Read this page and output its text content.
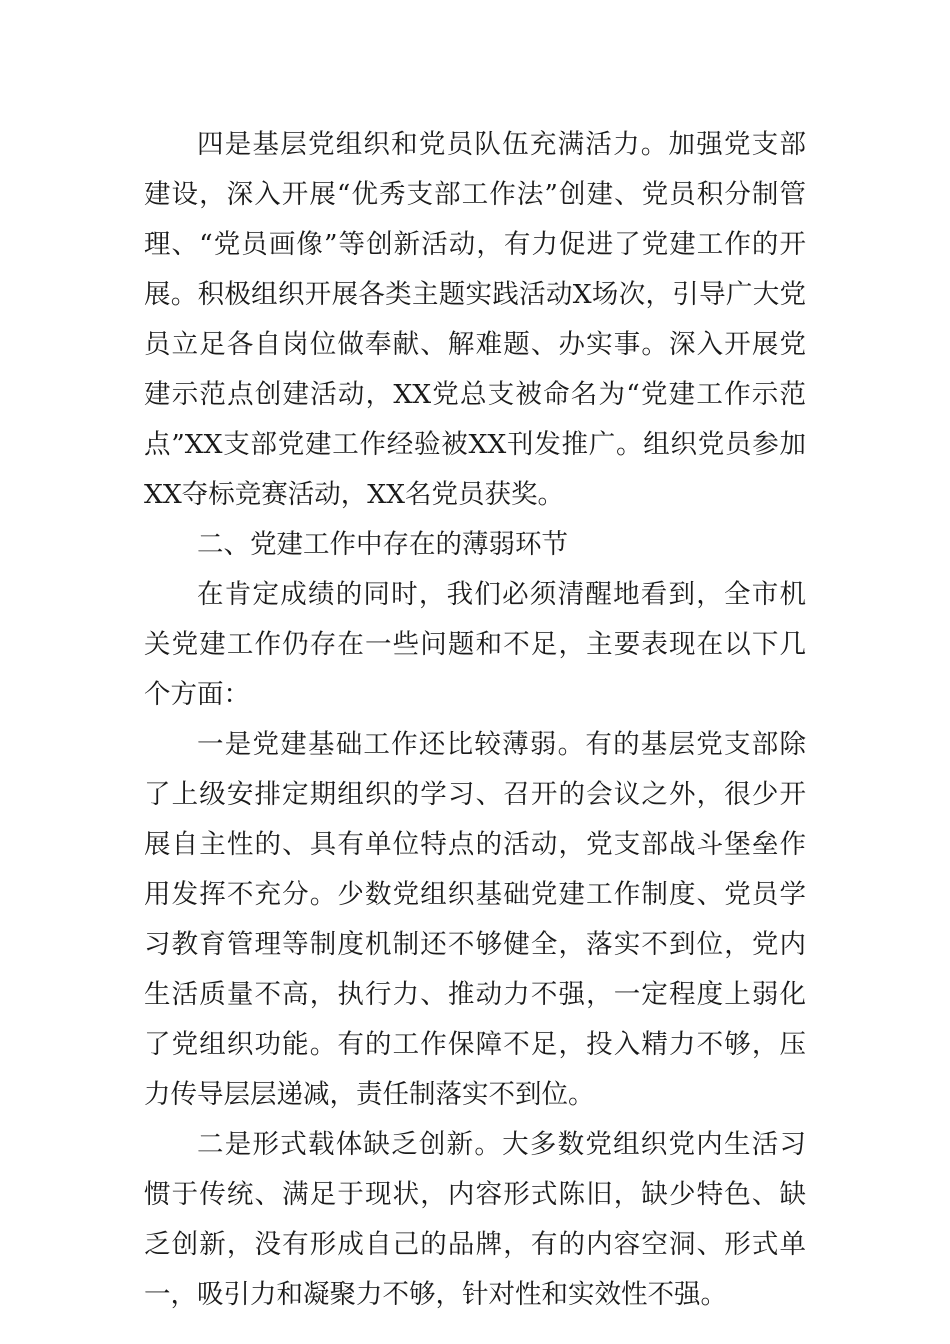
四是基层党组织和党员队伍充满活力。加强党支部建设，深入开展“优秀支部工作法”创建、党员积分制管理、“党员画像”等创新活动，有力促进了党建工作的开展。积极组织开展各类主题实践活动X场次，引导广大党员立足各自岗位做奉献、解难题、办实事。深入开展党建示范点创建活动，XX党总支被命名为“党建工作示范点”XX支部党建工作经验被XX刊发推广。组织党员参加XX夺标竞赛活动，XX名党员获奖。

二、党建工作中存在的薄弱环节

在肯定成绩的同时，我们必须清醒地看到，全市机关党建工作仍存在一些问题和不足，主要表现在以下几个方面：

一是党建基础工作还比较薄弱。有的基层党支部除了上级安排定期组织的学习、召开的会议之外，很少开展自主性的、具有单位特点的活动，党支部战斗堡垒作用发挥不充分。少数党组织基础党建工作制度、党员学习教育管理等制度机制还不够健全，落实不到位，党内生活质量不高，执行力、推动力不强，一定程度上弱化了党组织功能。有的工作保障不足，投入精力不够，压力传导层层递减，责任制落实不到位。

二是形式载体缺乏创新。大多数党组织党内生活习惯于传统、满足于现状，内容形式陈旧，缺少特色、缺乏创新，没有形成自己的品牌，有的内容空洞、形式单一，吸引力和凝聚力不够，针对性和实效性不强。
